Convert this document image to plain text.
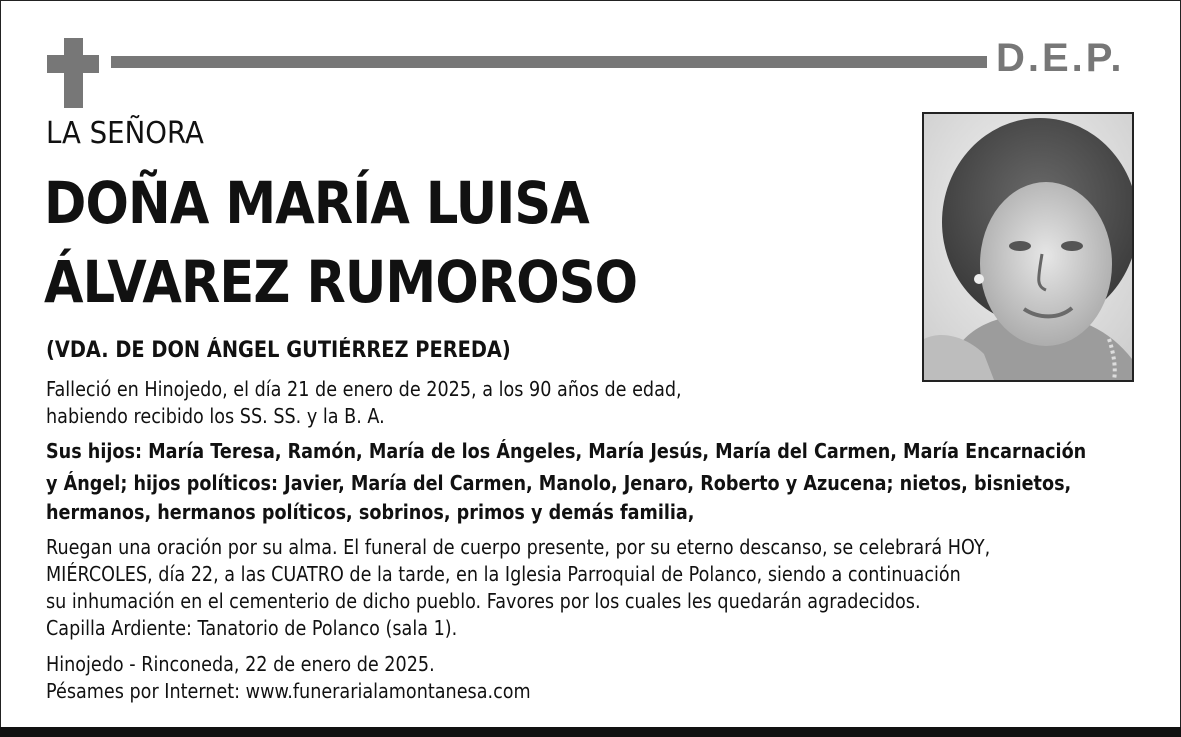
D.E.P.
LA SEÑORA
DOÑA MARÍA LUISA
ÁLVAREZ RUMOROSO
(VDA. DE DON ÁNGEL GUTIÉRREZ PEREDA)
Falleció en Hinojedo, el día 21 de enero de 2025, a los 90 años de edad,
habiendo recibido los SS. SS. y la B. A.
Sus hijos: María Teresa, Ramón, María de los Ángeles, María Jesús, María del Carmen, María Encarnación
y Ángel; hijos políticos: Javier, María del Carmen, Manolo, Jenaro, Roberto y Azucena; nietos, bisnietos,
hermanos, hermanos políticos, sobrinos, primos y demás familia,
Ruegan una oración por su alma. El funeral de cuerpo presente, por su eterno descanso, se celebrará HOY,
MIÉRCOLES, día 22, a las CUATRO de la tarde, en la Iglesia Parroquial de Polanco, siendo a continuación
su inhumación en el cementerio de dicho pueblo. Favores por los cuales les quedarán agradecidos.
Capilla Ardiente: Tanatorio de Polanco (sala 1).
Hinojedo - Rinconeda, 22 de enero de 2025.
Pésames por Internet: www.funerarialamontanesa.com
